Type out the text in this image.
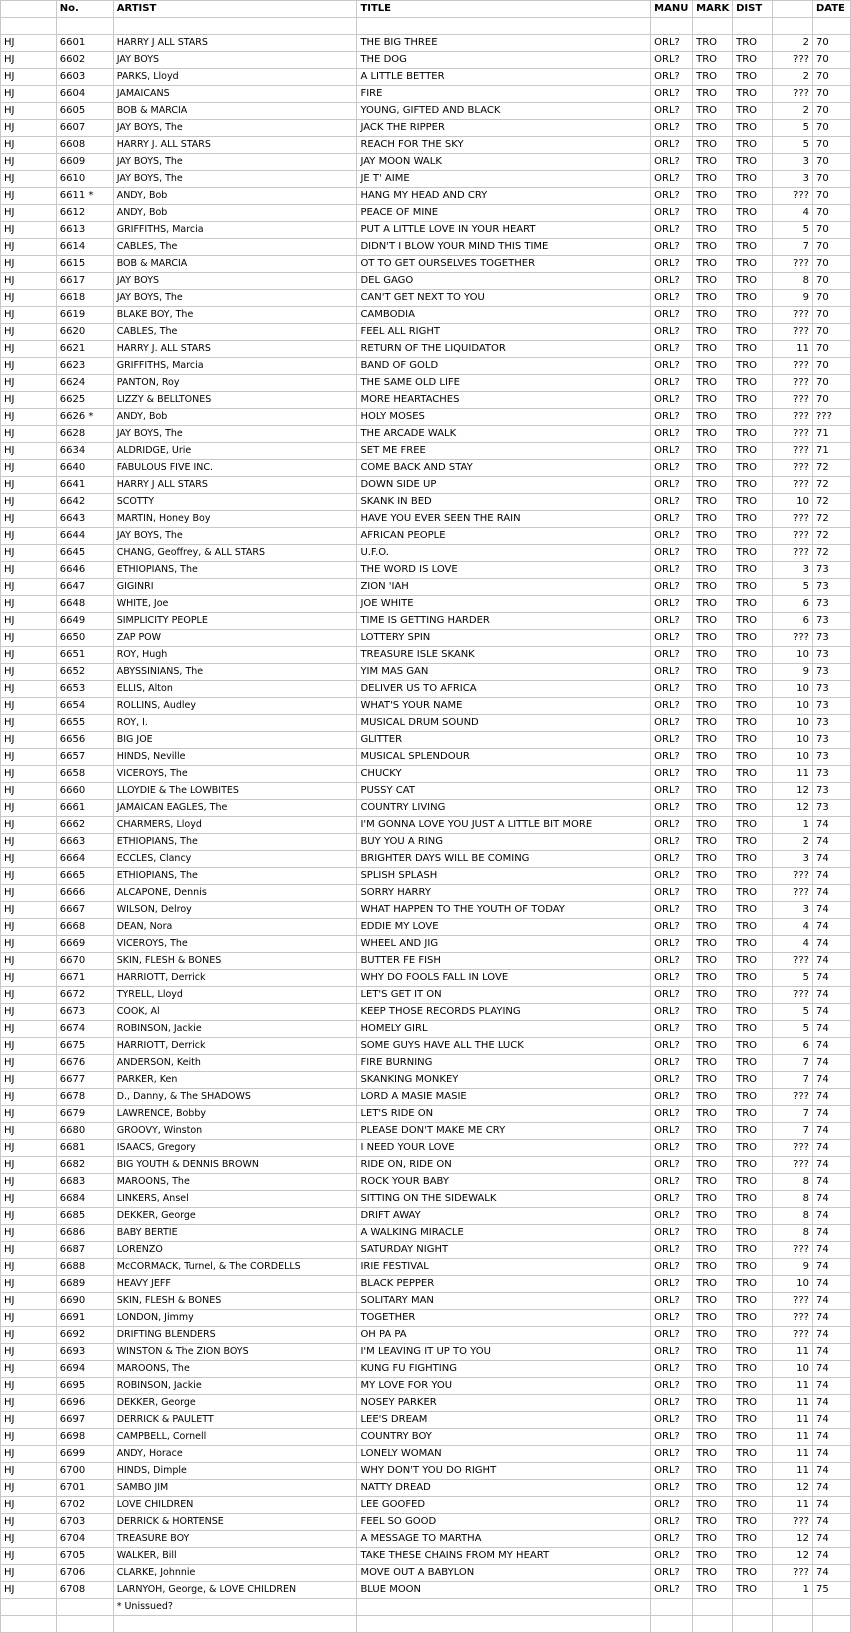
	No.	ARTIST	TITLE	MANU	MARK	DIST		DATE

HJ	6601	HARRY J ALL STARS	THE BIG THREE	ORL?	TRO	TRO	2	70
HJ	6602	JAY BOYS	THE DOG	ORL?	TRO	TRO	???	70
HJ	6603	PARKS, Lloyd	A LITTLE BETTER	ORL?	TRO	TRO	2	70
HJ	6604	JAMAICANS	FIRE	ORL?	TRO	TRO	???	70
HJ	6605	BOB & MARCIA	YOUNG, GIFTED AND BLACK	ORL?	TRO	TRO	2	70
HJ	6607	JAY BOYS, The	JACK THE RIPPER	ORL?	TRO	TRO	5	70
HJ	6608	HARRY J. ALL STARS	REACH FOR THE SKY	ORL?	TRO	TRO	5	70
HJ	6609	JAY BOYS, The	JAY MOON WALK	ORL?	TRO	TRO	3	70
HJ	6610	JAY BOYS, The	JE T' AIME	ORL?	TRO	TRO	3	70
HJ	6611 *	ANDY, Bob	HANG MY HEAD AND CRY	ORL?	TRO	TRO	???	70
HJ	6612	ANDY, Bob	PEACE OF MINE	ORL?	TRO	TRO	4	70
HJ	6613	GRIFFITHS, Marcia	PUT A LITTLE LOVE IN YOUR HEART	ORL?	TRO	TRO	5	70
HJ	6614	CABLES, The	DIDN'T I BLOW YOUR MIND THIS TIME	ORL?	TRO	TRO	7	70
HJ	6615	BOB & MARCIA	OT TO GET OURSELVES TOGETHER	ORL?	TRO	TRO	???	70
HJ	6617	JAY BOYS	DEL GAGO	ORL?	TRO	TRO	8	70
HJ	6618	JAY BOYS, The	CAN'T GET NEXT TO YOU	ORL?	TRO	TRO	9	70
HJ	6619	BLAKE BOY, The	CAMBODIA	ORL?	TRO	TRO	???	70
HJ	6620	CABLES, The	FEEL ALL RIGHT	ORL?	TRO	TRO	???	70
HJ	6621	HARRY J. ALL STARS	RETURN OF THE LIQUIDATOR	ORL?	TRO	TRO	11	70
HJ	6623	GRIFFITHS, Marcia	BAND OF GOLD	ORL?	TRO	TRO	???	70
HJ	6624	PANTON, Roy	THE SAME OLD LIFE	ORL?	TRO	TRO	???	70
HJ	6625	LIZZY & BELLTONES	MORE HEARTACHES	ORL?	TRO	TRO	???	70
HJ	6626 *	ANDY, Bob	HOLY MOSES	ORL?	TRO	TRO	???	???
HJ	6628	JAY BOYS, The	THE ARCADE WALK	ORL?	TRO	TRO	???	71
HJ	6634	ALDRIDGE, Urie	SET ME FREE	ORL?	TRO	TRO	???	71
HJ	6640	FABULOUS FIVE INC.	COME BACK AND STAY	ORL?	TRO	TRO	???	72
HJ	6641	HARRY J ALL STARS	DOWN SIDE UP	ORL?	TRO	TRO	???	72
HJ	6642	SCOTTY	SKANK IN BED	ORL?	TRO	TRO	10	72
HJ	6643	MARTIN, Honey Boy	HAVE YOU EVER SEEN THE RAIN	ORL?	TRO	TRO	???	72
HJ	6644	JAY BOYS, The	AFRICAN PEOPLE	ORL?	TRO	TRO	???	72
HJ	6645	CHANG, Geoffrey, & ALL STARS	U.F.O.	ORL?	TRO	TRO	???	72
HJ	6646	ETHIOPIANS, The	THE WORD IS LOVE	ORL?	TRO	TRO	3	73
HJ	6647	GIGINRI	ZION 'IAH	ORL?	TRO	TRO	5	73
HJ	6648	WHITE, Joe	JOE WHITE	ORL?	TRO	TRO	6	73
HJ	6649	SIMPLICITY PEOPLE	TIME IS GETTING HARDER	ORL?	TRO	TRO	6	73
HJ	6650	ZAP POW	LOTTERY SPIN	ORL?	TRO	TRO	???	73
HJ	6651	ROY, Hugh	TREASURE ISLE SKANK	ORL?	TRO	TRO	10	73
HJ	6652	ABYSSINIANS, The	YIM MAS GAN	ORL?	TRO	TRO	9	73
HJ	6653	ELLIS, Alton	DELIVER US TO AFRICA	ORL?	TRO	TRO	10	73
HJ	6654	ROLLINS, Audley	WHAT'S YOUR NAME	ORL?	TRO	TRO	10	73
HJ	6655	ROY, I.	MUSICAL DRUM SOUND	ORL?	TRO	TRO	10	73
HJ	6656	BIG JOE	GLITTER	ORL?	TRO	TRO	10	73
HJ	6657	HINDS, Neville	MUSICAL SPLENDOUR	ORL?	TRO	TRO	10	73
HJ	6658	VICEROYS, The	CHUCKY	ORL?	TRO	TRO	11	73
HJ	6660	LLOYDIE & The LOWBITES	PUSSY CAT	ORL?	TRO	TRO	12	73
HJ	6661	JAMAICAN EAGLES, The	COUNTRY LIVING	ORL?	TRO	TRO	12	73
HJ	6662	CHARMERS, Lloyd	I'M GONNA LOVE YOU JUST A LITTLE BIT MORE	ORL?	TRO	TRO	1	74
HJ	6663	ETHIOPIANS, The	BUY YOU A RING	ORL?	TRO	TRO	2	74
HJ	6664	ECCLES, Clancy	BRIGHTER DAYS WILL BE COMING	ORL?	TRO	TRO	3	74
HJ	6665	ETHIOPIANS, The	SPLISH SPLASH	ORL?	TRO	TRO	???	74
HJ	6666	ALCAPONE, Dennis	SORRY HARRY	ORL?	TRO	TRO	???	74
HJ	6667	WILSON, Delroy	WHAT HAPPEN TO THE YOUTH OF TODAY	ORL?	TRO	TRO	3	74
HJ	6668	DEAN, Nora	EDDIE MY LOVE	ORL?	TRO	TRO	4	74
HJ	6669	VICEROYS, The	WHEEL AND JIG	ORL?	TRO	TRO	4	74
HJ	6670	SKIN, FLESH & BONES	BUTTER FE FISH	ORL?	TRO	TRO	???	74
HJ	6671	HARRIOTT, Derrick	WHY DO FOOLS FALL IN LOVE	ORL?	TRO	TRO	5	74
HJ	6672	TYRELL, Lloyd	LET'S GET IT ON	ORL?	TRO	TRO	???	74
HJ	6673	COOK, Al	KEEP THOSE RECORDS PLAYING	ORL?	TRO	TRO	5	74
HJ	6674	ROBINSON, Jackie	HOMELY GIRL	ORL?	TRO	TRO	5	74
HJ	6675	HARRIOTT, Derrick	SOME GUYS HAVE ALL THE LUCK	ORL?	TRO	TRO	6	74
HJ	6676	ANDERSON, Keith	FIRE BURNING	ORL?	TRO	TRO	7	74
HJ	6677	PARKER, Ken	SKANKING MONKEY	ORL?	TRO	TRO	7	74
HJ	6678	D., Danny, & The SHADOWS	LORD A MASIE MASIE	ORL?	TRO	TRO	???	74
HJ	6679	LAWRENCE, Bobby	LET'S RIDE ON	ORL?	TRO	TRO	7	74
HJ	6680	GROOVY, Winston	PLEASE DON'T MAKE ME CRY	ORL?	TRO	TRO	7	74
HJ	6681	ISAACS, Gregory	I NEED YOUR LOVE	ORL?	TRO	TRO	???	74
HJ	6682	BIG YOUTH & DENNIS BROWN	RIDE ON, RIDE ON	ORL?	TRO	TRO	???	74
HJ	6683	MAROONS, The	ROCK YOUR BABY	ORL?	TRO	TRO	8	74
HJ	6684	LINKERS, Ansel	SITTING ON THE SIDEWALK	ORL?	TRO	TRO	8	74
HJ	6685	DEKKER, George	DRIFT AWAY	ORL?	TRO	TRO	8	74
HJ	6686	BABY BERTIE	A WALKING MIRACLE	ORL?	TRO	TRO	8	74
HJ	6687	LORENZO	SATURDAY NIGHT	ORL?	TRO	TRO	???	74
HJ	6688	McCORMACK, Turnel, & The CORDELLS	IRIE FESTIVAL	ORL?	TRO	TRO	9	74
HJ	6689	HEAVY JEFF	BLACK PEPPER	ORL?	TRO	TRO	10	74
HJ	6690	SKIN, FLESH & BONES	SOLITARY MAN	ORL?	TRO	TRO	???	74
HJ	6691	LONDON, Jimmy	TOGETHER	ORL?	TRO	TRO	???	74
HJ	6692	DRIFTING BLENDERS	OH PA PA	ORL?	TRO	TRO	???	74
HJ	6693	WINSTON & The ZION BOYS	I'M LEAVING IT UP TO YOU	ORL?	TRO	TRO	11	74
HJ	6694	MAROONS, The	KUNG FU FIGHTING	ORL?	TRO	TRO	10	74
HJ	6695	ROBINSON, Jackie	MY LOVE FOR YOU	ORL?	TRO	TRO	11	74
HJ	6696	DEKKER, George	NOSEY PARKER	ORL?	TRO	TRO	11	74
HJ	6697	DERRICK & PAULETT	LEE'S DREAM	ORL?	TRO	TRO	11	74
HJ	6698	CAMPBELL, Cornell	COUNTRY BOY	ORL?	TRO	TRO	11	74
HJ	6699	ANDY, Horace	LONELY WOMAN	ORL?	TRO	TRO	11	74
HJ	6700	HINDS, Dimple	WHY DON'T YOU DO RIGHT	ORL?	TRO	TRO	11	74
HJ	6701	SAMBO JIM	NATTY DREAD	ORL?	TRO	TRO	12	74
HJ	6702	LOVE CHILDREN	LEE GOOFED	ORL?	TRO	TRO	11	74
HJ	6703	DERRICK & HORTENSE	FEEL SO GOOD	ORL?	TRO	TRO	???	74
HJ	6704	TREASURE BOY	A MESSAGE TO MARTHA	ORL?	TRO	TRO	12	74
HJ	6705	WALKER, Bill	TAKE THESE CHAINS FROM MY HEART	ORL?	TRO	TRO	12	74
HJ	6706	CLARKE, Johnnie	MOVE OUT A BABYLON	ORL?	TRO	TRO	???	74
HJ	6708	LARNYOH, George, & LOVE CHILDREN	BLUE MOON	ORL?	TRO	TRO	1	75
		* Unissued?						
